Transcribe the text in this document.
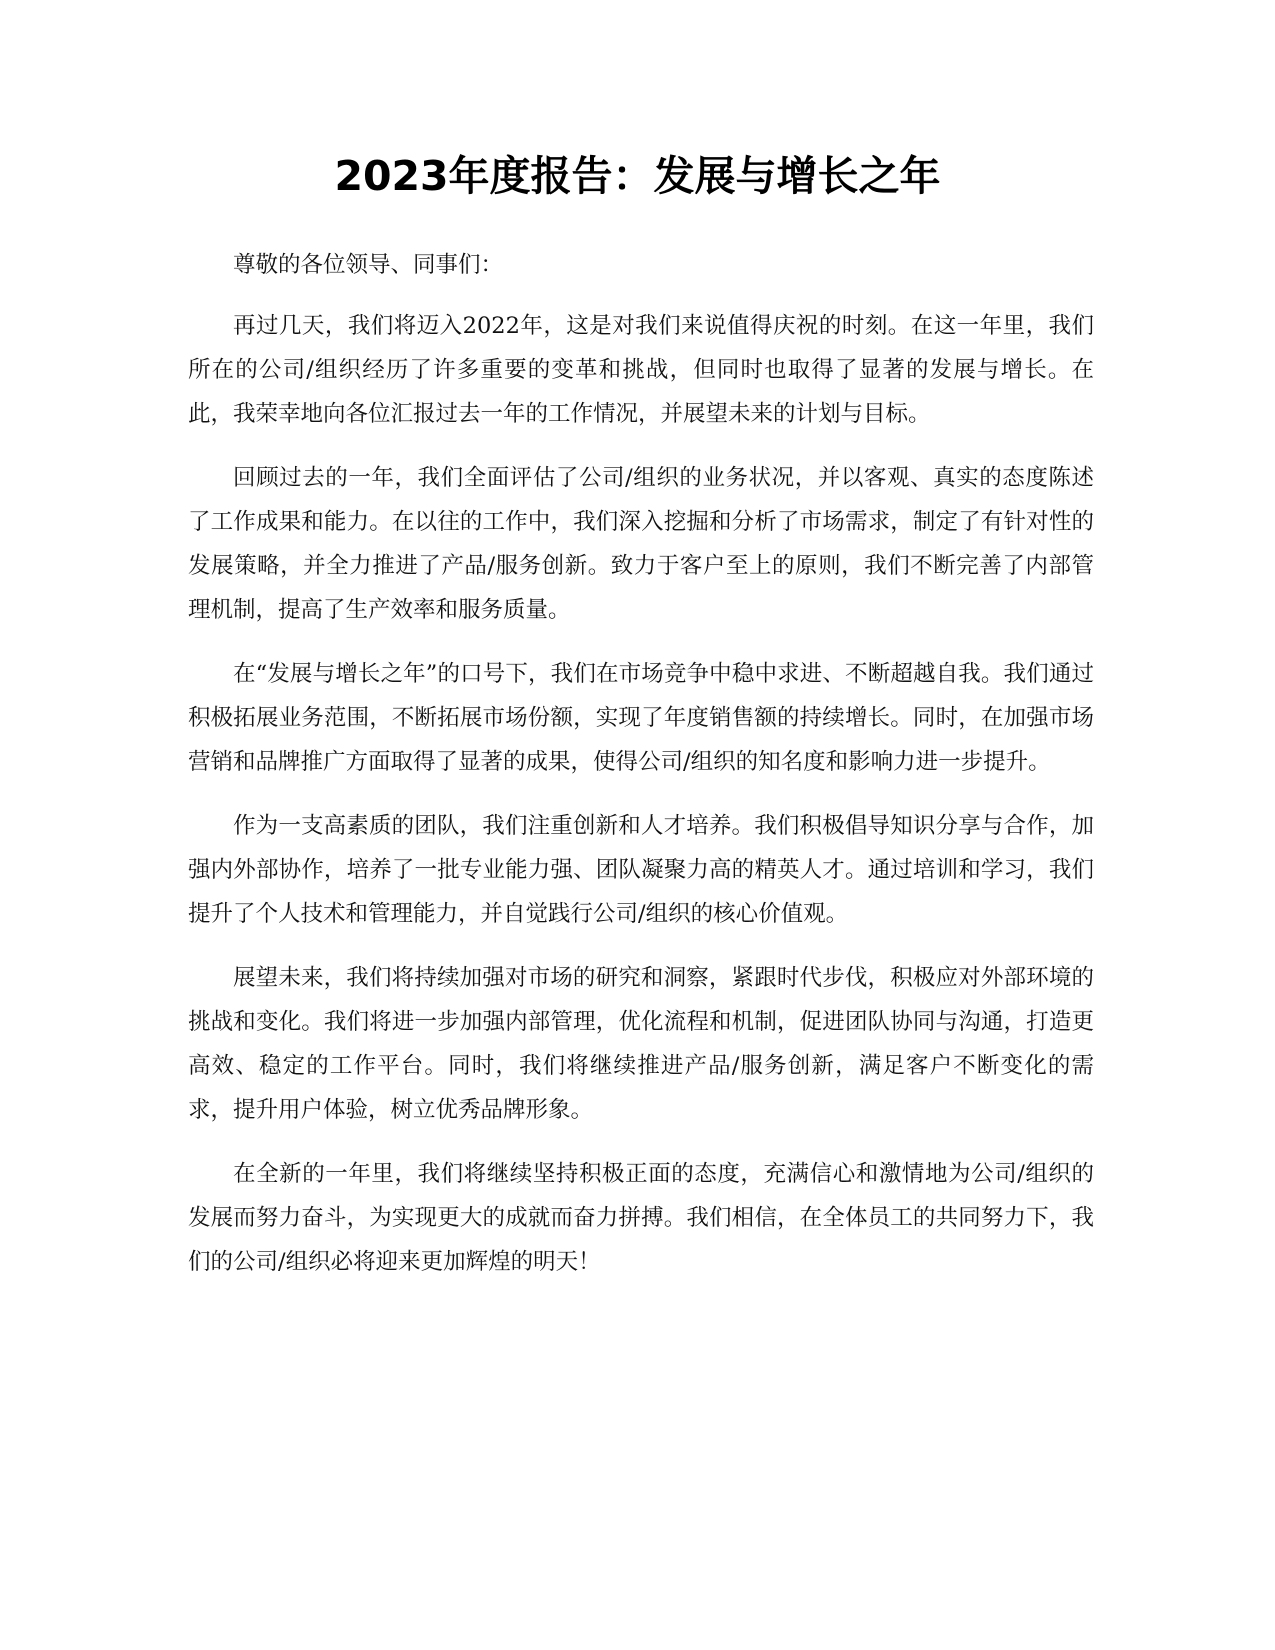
2023年度报告：发展与增长之年

尊敬的各位领导、同事们：

再过几天，我们将迈入2022年，这是对我们来说值得庆祝的时刻。在这一年里，我们所在的公司/组织经历了许多重要的变革和挑战，但同时也取得了显著的发展与增长。在此，我荣幸地向各位汇报过去一年的工作情况，并展望未来的计划与目标。

回顾过去的一年，我们全面评估了公司/组织的业务状况，并以客观、真实的态度陈述了工作成果和能力。在以往的工作中，我们深入挖掘和分析了市场需求，制定了有针对性的发展策略，并全力推进了产品/服务创新。致力于客户至上的原则，我们不断完善了内部管理机制，提高了生产效率和服务质量。

在“发展与增长之年”的口号下，我们在市场竞争中稳中求进、不断超越自我。我们通过积极拓展业务范围，不断拓展市场份额，实现了年度销售额的持续增长。同时，在加强市场营销和品牌推广方面取得了显著的成果，使得公司/组织的知名度和影响力进一步提升。

作为一支高素质的团队，我们注重创新和人才培养。我们积极倡导知识分享与合作，加强内外部协作，培养了一批专业能力强、团队凝聚力高的精英人才。通过培训和学习，我们提升了个人技术和管理能力，并自觉践行公司/组织的核心价值观。

展望未来，我们将持续加强对市场的研究和洞察，紧跟时代步伐，积极应对外部环境的挑战和变化。我们将进一步加强内部管理，优化流程和机制，促进团队协同与沟通，打造更高效、稳定的工作平台。同时，我们将继续推进产品/服务创新，满足客户不断变化的需求，提升用户体验，树立优秀品牌形象。

在全新的一年里，我们将继续坚持积极正面的态度，充满信心和激情地为公司/组织的发展而努力奋斗，为实现更大的成就而奋力拼搏。我们相信，在全体员工的共同努力下，我们的公司/组织必将迎来更加辉煌的明天！
